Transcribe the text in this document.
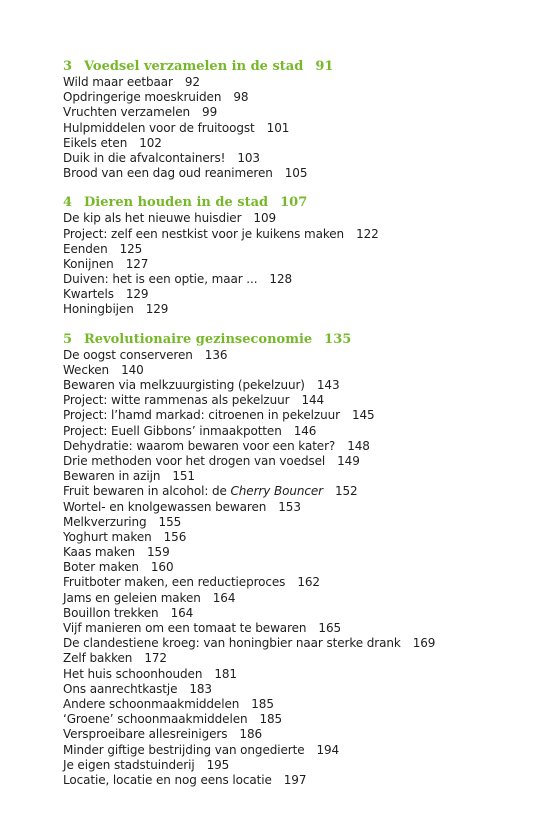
3 Voedsel verzamelen in de stad 91
Wild maar eetbaar 92
Opdringerige moeskruiden 98
Vruchten verzamelen 99
Hulpmiddelen voor de fruitoogst 101
Eikels eten 102
Duik in die afvalcontainers! 103
Brood van een dag oud reanimeren 105
4 Dieren houden in de stad 107
De kip als het nieuwe huisdier 109
Project: zelf een nestkist voor je kuikens maken 122
Eenden 125
Konijnen 127
Duiven: het is een optie, maar ... 128
Kwartels 129
Honingbijen 129
5 Revolutionaire gezinseconomie 135
De oogst conserveren 136
Wecken 140
Bewaren via melkzuurgisting (pekelzuur) 143
Project: witte rammenas als pekelzuur 144
Project: l’hamd markad: citroenen in pekelzuur 145
Project: Euell Gibbons’ inmaakpotten 146
Dehydratie: waarom bewaren voor een kater? 148
Drie methoden voor het drogen van voedsel 149
Bewaren in azijn 151
Fruit bewaren in alcohol: de Cherry Bouncer 152
Wortel- en knolgewassen bewaren 153
Melkverzuring 155
Yoghurt maken 156
Kaas maken 159
Boter maken 160
Fruitboter maken, een reductieproces 162
Jams en geleien maken 164
Bouillon trekken 164
Vijf manieren om een tomaat te bewaren 165
De clandestiene kroeg: van honingbier naar sterke drank 169
Zelf bakken 172
Het huis schoonhouden 181
Ons aanrechtkastje 183
Andere schoonmaakmiddelen 185
‘Groene’ schoonmaakmiddelen 185
Versproeibare allesreinigers 186
Minder giftige bestrijding van ongedierte 194
Je eigen stadstuinderij 195
Locatie, locatie en nog eens locatie 197
